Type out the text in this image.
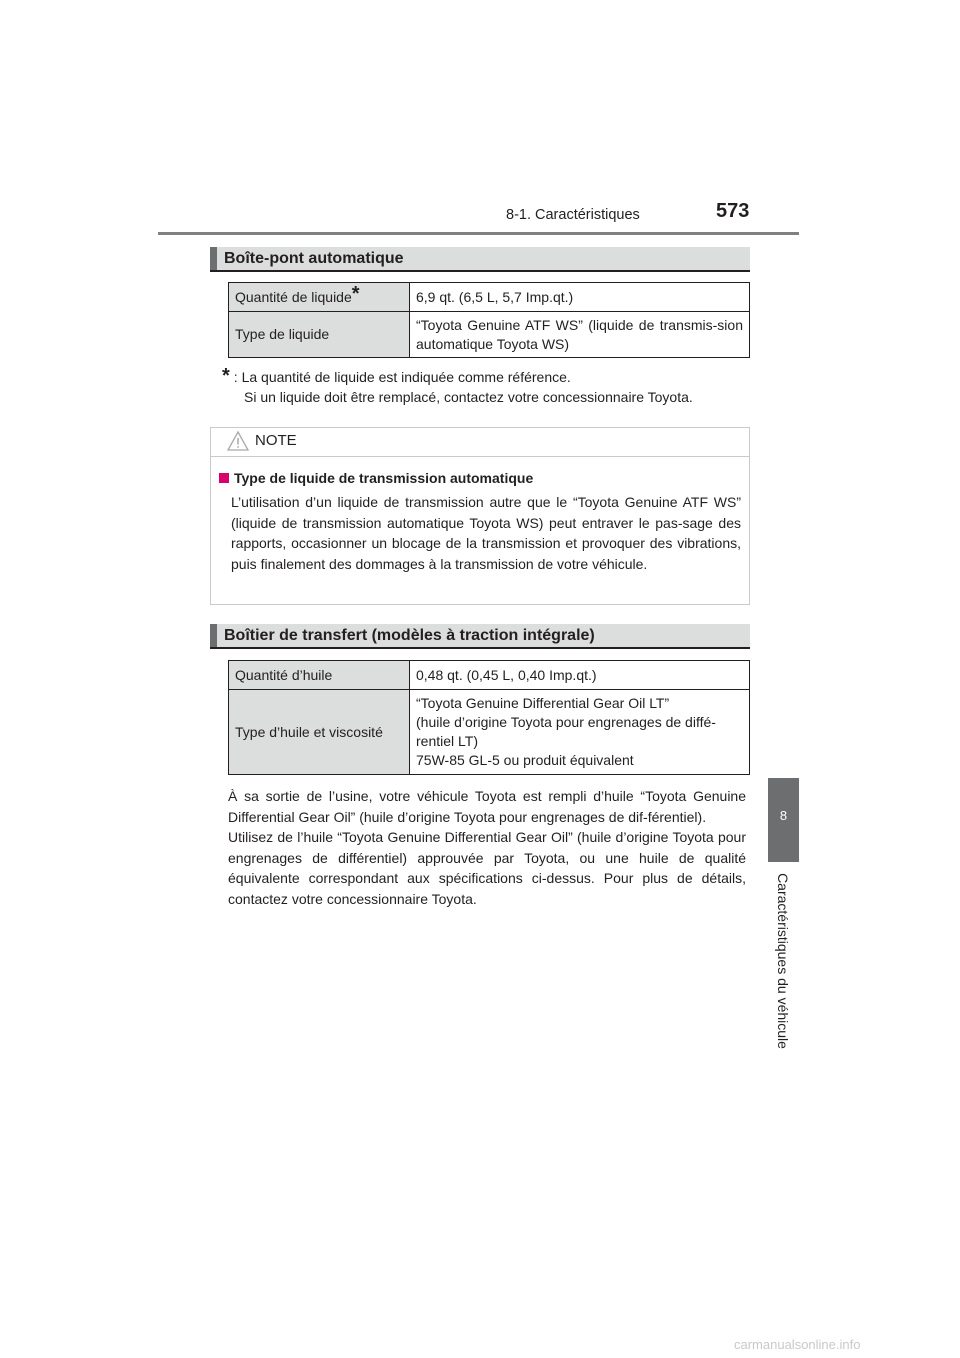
8-1. Caractéristiques	573
8
Caractéristiques du véhicule
Boîte-pont automatique
Quantité de liquide*	6,9 qt. (6,5 L, 5,7 Imp.qt.)
Type de liquide	“Toyota Genuine ATF WS” (liquide de transmis-sion automatique Toyota WS)
* : La quantité de liquide est indiquée comme référence.
Si un liquide doit être remplacé, contactez votre concessionnaire Toyota.
NOTE
Type de liquide de transmission automatique
L’utilisation d’un liquide de transmission autre que le “Toyota Genuine ATF WS” (liquide de transmission automatique Toyota WS) peut entraver le pas-sage des rapports, occasionner un blocage de la transmission et provoquer des vibrations, puis finalement des dommages à la transmission de votre véhicule.
Boîtier de transfert (modèles à traction intégrale)
Quantité d’huile	0,48 qt. (0,45 L, 0,40 Imp.qt.)
Type d’huile et viscosité	“Toyota Genuine Differential Gear Oil LT”
(huile d’origine Toyota pour engrenages de diffé-
rentiel LT)
75W-85 GL-5 ou produit équivalent
À sa sortie de l’usine, votre véhicule Toyota est rempli d’huile “Toyota Genuine Differential Gear Oil” (huile d’origine Toyota pour engrenages de dif-férentiel).
Utilisez de l’huile “Toyota Genuine Differential Gear Oil” (huile d’origine Toyota pour engrenages de différentiel) approuvée par Toyota, ou une huile de qualité équivalente correspondant aux spécifications ci-dessus. Pour plus de détails, contactez votre concessionnaire Toyota.
carmanualsonline.info
